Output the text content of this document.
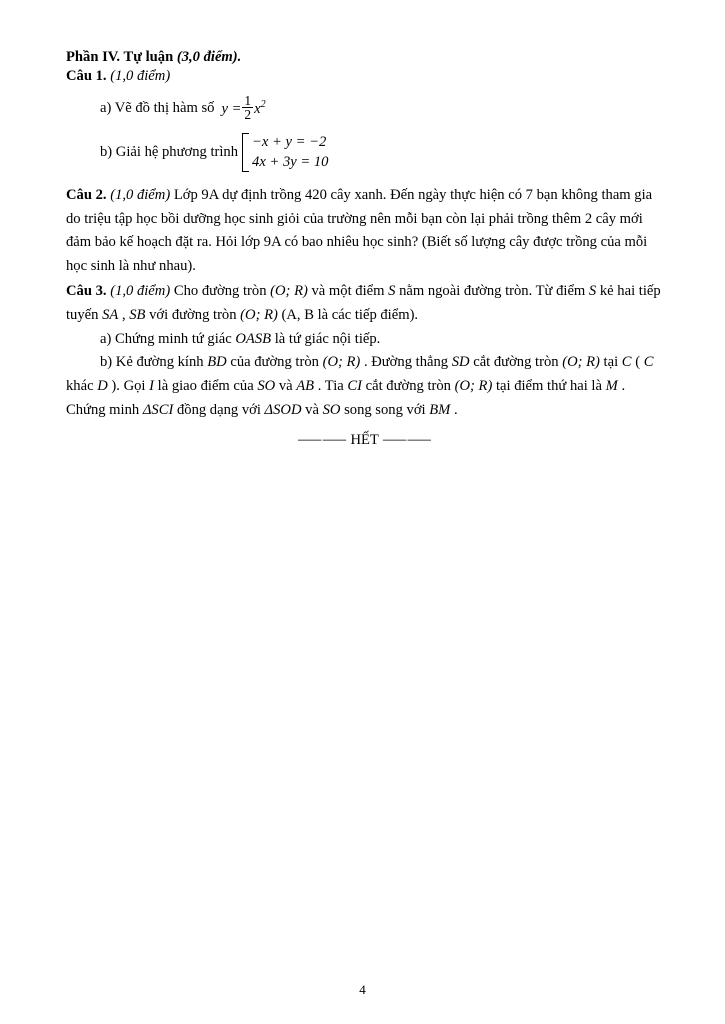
Phần IV. Tự luận (3,0 điểm).
Câu 1. (1,0 điểm)
a) Vẽ đồ thị hàm số $y = \frac{1}{2} x^2$
b) Giải hệ phương trình
−x + y = −2
4x + 3y = 10

Câu 2. (1,0 điểm) Lớp 9A dự định trồng 420 cây xanh. Đến ngày thực hiện có 7 bạn không tham gia do triệu tập học bồi dưỡng học sinh giỏi của trường nên mỗi bạn còn lại phải trồng thêm 2 cây mới đảm bảo kế hoạch đặt ra. Hỏi lớp 9A có bao nhiêu học sinh? (Biết số lượng cây được trồng của mỗi học sinh là như nhau).

Câu 3. (1,0 điểm) Cho đường tròn (O; R) và một điểm S nằm ngoài đường tròn. Từ điểm S kẻ hai tiếp tuyến SA , SB với đường tròn (O; R) (A, B là các tiếp điểm).

a) Chứng minh tứ giác OASB là tứ giác nội tiếp.

b) Kẻ đường kính BD của đường tròn (O; R) . Đường thẳng SD cắt đường tròn (O; R) tại C ( C khác D ). Gọi I là giao điểm của SO và AB . Tia CI cắt đường tròn (O; R) tại điểm thứ hai là M . Chứng minh ΔSCI đồng dạng với ΔSOD và SO song song với BM .

⸺⸺ HẾT ⸺⸺
4
